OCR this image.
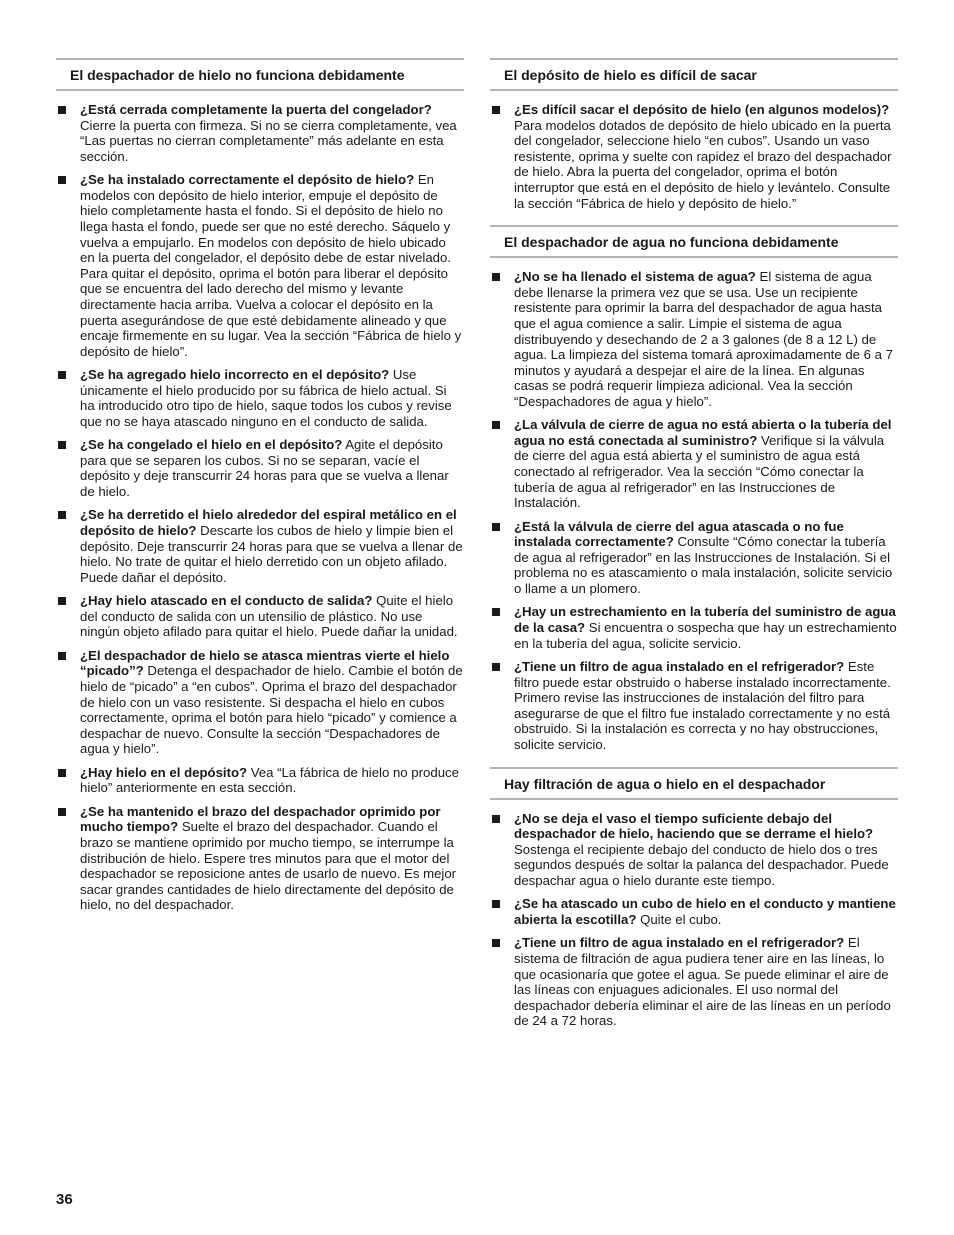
El despachador de hielo no funciona debidamente
¿Está cerrada completamente la puerta del congelador? Cierre la puerta con firmeza. Si no se cierra completamente, vea “Las puertas no cierran completamente” más adelante en esta sección.
¿Se ha instalado correctamente el depósito de hielo? En modelos con depósito de hielo interior, empuje el depósito de hielo completamente hasta el fondo. Si el depósito de hielo no llega hasta el fondo, puede ser que no esté derecho. Sáquelo y vuelva a empujarlo. En modelos con depósito de hielo ubicado en la puerta del congelador, el depósito debe de estar nivelado. Para quitar el depósito, oprima el botón para liberar el depósito que se encuentra del lado derecho del mismo y levante directamente hacia arriba. Vuelva a colocar el depósito en la puerta asegurándose de que esté debidamente alineado y que encaje firmemente en su lugar. Vea la sección “Fábrica de hielo y depósito de hielo”.
¿Se ha agregado hielo incorrecto en el depósito? Use únicamente el hielo producido por su fábrica de hielo actual. Si ha introducido otro tipo de hielo, saque todos los cubos y revise que no se haya atascado ninguno en el conducto de salida.
¿Se ha congelado el hielo en el depósito? Agite el depósito para que se separen los cubos. Si no se separan, vacíe el depósito y deje transcurrir 24 horas para que se vuelva a llenar de hielo.
¿Se ha derretido el hielo alrededor del espiral metálico en el depósito de hielo? Descarte los cubos de hielo y limpie bien el depósito. Deje transcurrir 24 horas para que se vuelva a llenar de hielo. No trate de quitar el hielo derretido con un objeto afilado. Puede dañar el depósito.
¿Hay hielo atascado en el conducto de salida? Quite el hielo del conducto de salida con un utensilio de plástico. No use ningún objeto afilado para quitar el hielo. Puede dañar la unidad.
¿El despachador de hielo se atasca mientras vierte el hielo “picado”? Detenga el despachador de hielo. Cambie el botón de hielo de “picado” a “en cubos”. Oprima el brazo del despachador de hielo con un vaso resistente. Si despacha el hielo en cubos correctamente, oprima el botón para hielo “picado” y comience a despachar de nuevo. Consulte la sección “Despachadores de agua y hielo”.
¿Hay hielo en el depósito? Vea “La fábrica de hielo no produce hielo” anteriormente en esta sección.
¿Se ha mantenido el brazo del despachador oprimido por mucho tiempo? Suelte el brazo del despachador. Cuando el brazo se mantiene oprimido por mucho tiempo, se interrumpe la distribución de hielo. Espere tres minutos para que el motor del despachador se reposicione antes de usarlo de nuevo. Es mejor sacar grandes cantidades de hielo directamente del depósito de hielo, no del despachador.
El depósito de hielo es difícil de sacar
¿Es difícil sacar el depósito de hielo (en algunos modelos)? Para modelos dotados de depósito de hielo ubicado en la puerta del congelador, seleccione hielo “en cubos”. Usando un vaso resistente, oprima y suelte con rapidez el brazo del despachador de hielo. Abra la puerta del congelador, oprima el botón interruptor que está en el depósito de hielo y levántelo. Consulte la sección “Fábrica de hielo y depósito de hielo.”
El despachador de agua no funciona debidamente
¿No se ha llenado el sistema de agua? El sistema de agua debe llenarse la primera vez que se usa. Use un recipiente resistente para oprimir la barra del despachador de agua hasta que el agua comience a salir. Limpie el sistema de agua distribuyendo y desechando de 2 a 3 galones (de 8 a 12 L) de agua. La limpieza del sistema tomará aproximadamente de 6 a 7 minutos y ayudará a despejar el aire de la línea. En algunas casas se podrá requerir limpieza adicional. Vea la sección “Despachadores de agua y hielo”.
¿La válvula de cierre de agua no está abierta o la tubería del agua no está conectada al suministro? Verifique si la válvula de cierre del agua está abierta y el suministro de agua está conectado al refrigerador. Vea la sección “Cómo conectar la tubería de agua al refrigerador” en las Instrucciones de Instalación.
¿Está la válvula de cierre del agua atascada o no fue instalada correctamente? Consulte “Cómo conectar la tubería de agua al refrigerador” en las Instrucciones de Instalación. Si el problema no es atascamiento o mala instalación, solicite servicio o llame a un plomero.
¿Hay un estrechamiento en la tubería del suministro de agua de la casa? Si encuentra o sospecha que hay un estrechamiento en la tubería del agua, solicite servicio.
¿Tiene un filtro de agua instalado en el refrigerador? Este filtro puede estar obstruido o haberse instalado incorrectamente. Primero revise las instrucciones de instalación del filtro para asegurarse de que el filtro fue instalado correctamente y no está obstruido. Si la instalación es correcta y no hay obstrucciones, solicite servicio.
Hay filtración de agua o hielo en el despachador
¿No se deja el vaso el tiempo suficiente debajo del despachador de hielo, haciendo que se derrame el hielo? Sostenga el recipiente debajo del conducto de hielo dos o tres segundos después de soltar la palanca del despachador. Puede despachar agua o hielo durante este tiempo.
¿Se ha atascado un cubo de hielo en el conducto y mantiene abierta la escotilla? Quite el cubo.
¿Tiene un filtro de agua instalado en el refrigerador? El sistema de filtración de agua pudiera tener aire en las líneas, lo que ocasionaría que gotee el agua. Se puede eliminar el aire de las líneas con enjuagues adicionales. El uso normal del despachador debería eliminar el aire de las líneas en un período de 24 a 72 horas.
36
